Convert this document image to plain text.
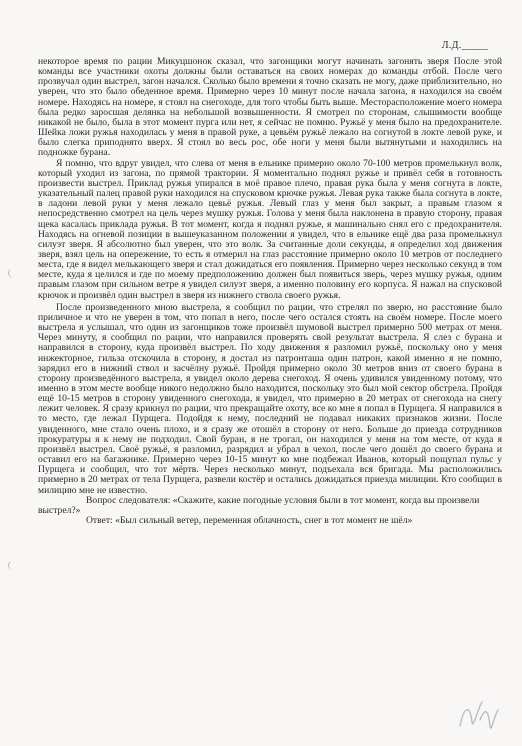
Л.Д._____

некоторое время по рации Микуцшонок сказал, что загонщики могут начинать загонять зверя После этой команды все участники охоты должны были оставаться на своих номерах до команды отбой. После чего прозвучал один выстрел, загон начался. Сколько было времени я точно сказать не могу, даже приблизительно, но уверен, что это было обеденное время. Примерно через 10 минут после начала загона, я находился на своём номере. Находясь на номере, я стоял на снегоходе, для того чтобы быть выше. Месторасположение моего номера была редко заросшая делянка на небольшой возвышенности. Я смотрел по сторонам, слышимости вообще никакой не было, была в этот момент пурга или нет, я сейчас не помню. Ружьё у меня было на предохранителе. Шейка ложи ружья находилась у меня в правой руке, а цевьём ружьё лежало на согнутой в локте левой руке, и было слегка приподнято вверх. Я стоял во весь рос, обе ноги у меня были вытянутыми и находились на подножке бурана.

Я помню, что вдруг увидел, что слева от меня в ельнике примерно около 70-100 метров промелькнул волк, который уходил из загона, по прямой трактории. Я моментально поднял ружье и привёл себя в готовность произвести выстрел. Приклад ружья упирался в моё правое плечо, правая рука была у меня согнута в локте, указательный палец правой руки находился на спусковом крючке ружья. Левая рука также была согнута в локте, в ладони левой руки у меня лежало цевьё ружья. Левый глаз у меня был закрыт, а правым глазом я непосредственно смотрел на цель через мушку ружья. Голова у меня была наклонена в правую сторону, правая щека касалась приклада ружья. В тот момент, когда я поднял ружье, я машинально снял его с предохранителя. Находясь на огневой позиции в вышеуказанном положении я увидел, что в ельнике ещё два раза промелькнул силуэт зверя. Я абсолютно был уверен, что это волк. За считанные доли секунды, я определил ход движения зверя, взял цель на опережение, то есть я отмерил на глаз расстояние примерно около 10 метров от последнего места, где я видел мелькающего зверя и стал дожидаться его появления. Примерно через несколько секунд в том месте, куда я целился и где по моему предположению должен был появиться зверь, через мушку ружья, одним правым глазом при сильном ветре я увидел силуэт зверя, а именно половину его корпуса. Я нажал на спусковой крючок и произвёл один выстрел в зверя из нижнего ствола своего ружья.

После произведенного мною выстрела, я сообщил по рации, что стрелял по зверю, но расстояние было приличное и что не уверен в том, что попал в него, после чего остался стоять на своём номере. После моего выстрела я услышал, что один из загонщиков тоже произвёл шумовой выстрел примерно 500 метрах от меня. Через минуту, я сообщил по рации, что направился проверять свой результат выстрела. Я слез с бурана и направился в сторону, куда произвёл выстрел. По ходу движения я разломил ружьё, поскольку оно у меня инжекторное, гильза отскочила в сторону, я достал из патронташа один патрон, какой именно я не помню, зарядил его в нижний ствол и засчёлну ружьё. Пройдя примерно около 30 метров вниз от своего бурана в сторону произведённого выстрела, я увидел около дерева снегоход. Я очень удивился увиденному потому, что именно в этом месте вообще никого недолжно было находится, поскольку это был мой сектор обстрела. Пройдя ещё 10-15 метров в сторону увиденного снегохода, я увидел, что примерно в 20 метрах от снегохода на снегу лежит человек. Я сразу крикнул по рации, что прекращайте охоту, все ко мне я попал в Пурщега. Я направился в то место, где лежал Пурщега. Подойдя к нему, последний не подавал никаких признаков жизни. После увиденного, мне стало очень плохо, и я сразу же отошёл в сторону от него. Больше до приезда сотрудников прокуратуры я к нему не подходил. Свой буран, я не трогал, он находился у меня на том месте, от куда я произвёл выстрел. Своё ружьё, я разломил, разрядил и убрал в чехол, после чего дошёл до своего бурана и оставил его на багажнике. Примерно через 10-15 минут ко мне подбежал Иванов, который пощупал пульс у Пурщега и сообщил, что тот мёртв. Через несколько минут, подъехала вся бригада. Мы расположились примерно в 20 метрах от тела Пурщега, развели костёр и остались дожидаться приезда милиции. Кто сообщил в милицию мне не известно.

Вопрос следователя: «Скажите, какие погодные условия были в тот момент, когда вы произвели выстрел?»

Ответ: «Был сильный ветер, переменная облачность, снег в тот момент не шёл»
